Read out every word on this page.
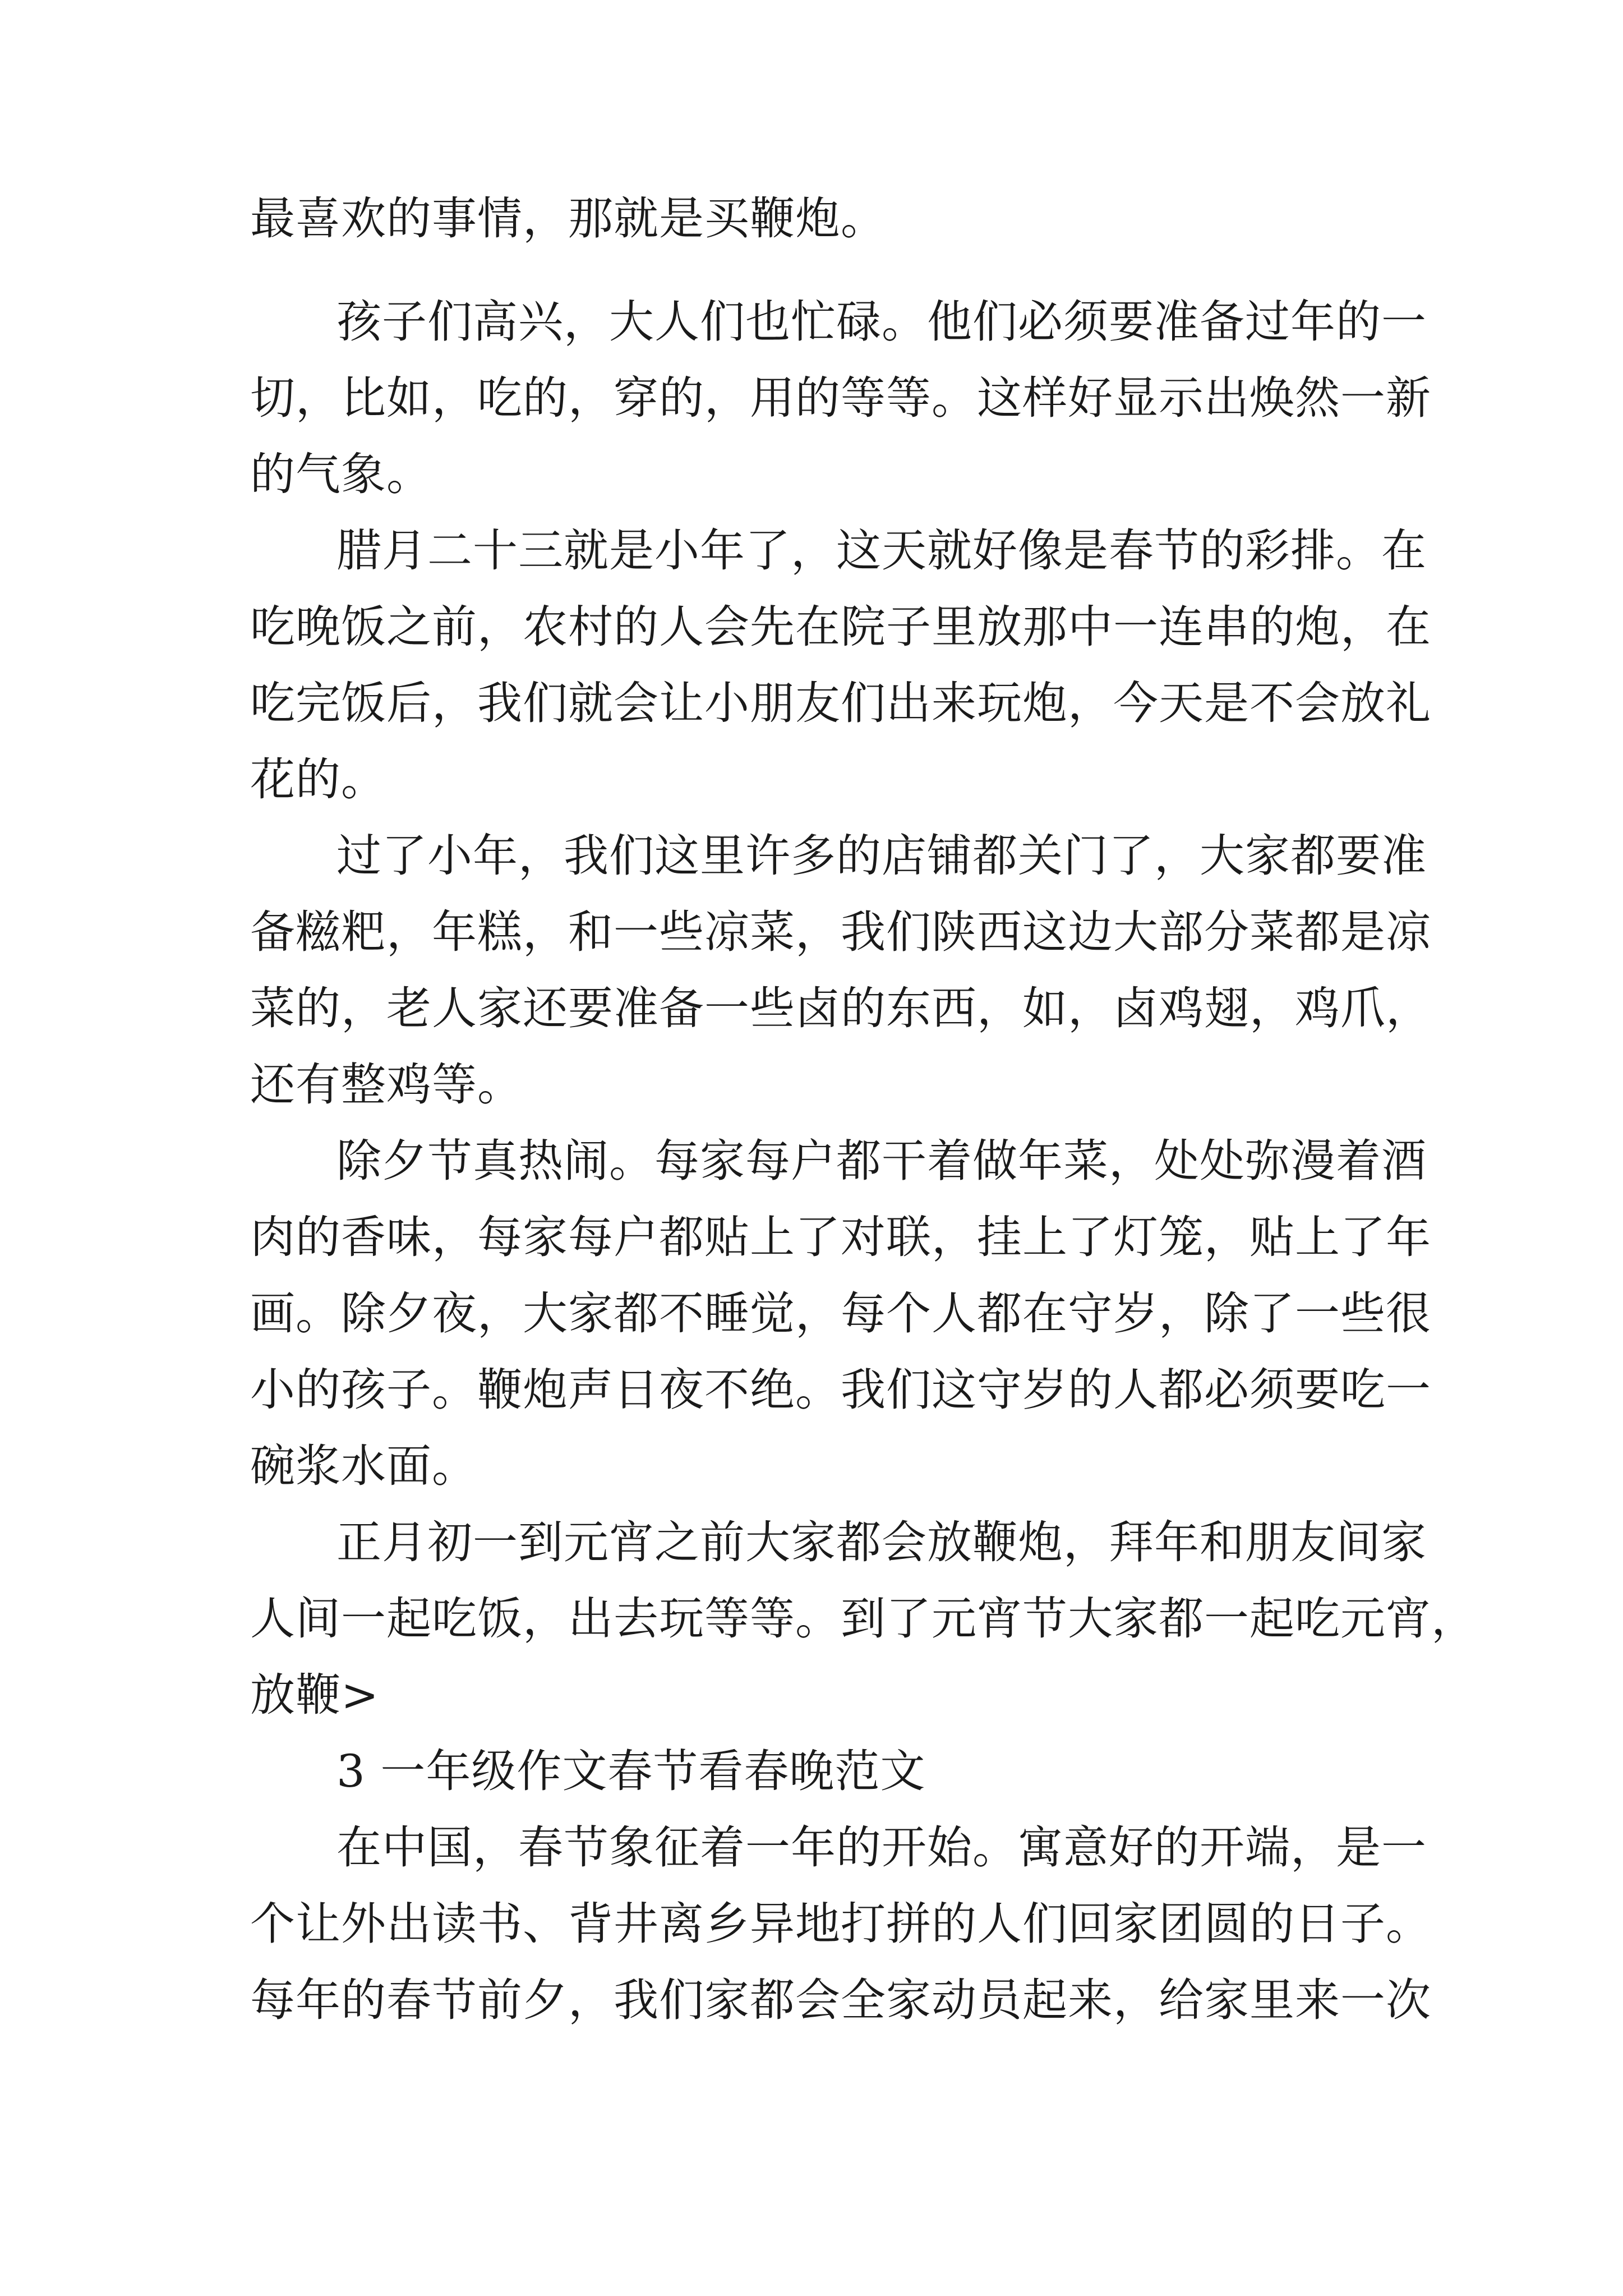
最喜欢的事情，那就是买鞭炮。

孩子们高兴，大人们也忙碌。他们必须要准备过年的一

切，比如，吃的，穿的，用的等等。这样好显示出焕然一新

的气象。

腊月二十三就是小年了，这天就好像是春节的彩排。在

吃晚饭之前，农村的人会先在院子里放那中一连串的炮，在

吃完饭后，我们就会让小朋友们出来玩炮，今天是不会放礼

花的。

过了小年，我们这里许多的店铺都关门了，大家都要准

备糍粑，年糕，和一些凉菜，我们陕西这边大部分菜都是凉

菜的，老人家还要准备一些卤的东西，如，卤鸡翅，鸡爪，

还有整鸡等。

除夕节真热闹。每家每户都干着做年菜，处处弥漫着酒

肉的香味，每家每户都贴上了对联，挂上了灯笼，贴上了年

画。除夕夜，大家都不睡觉，每个人都在守岁，除了一些很

小的孩子。鞭炮声日夜不绝。我们这守岁的人都必须要吃一

碗浆水面。

正月初一到元宵之前大家都会放鞭炮，拜年和朋友间家

人间一起吃饭，出去玩等等。到了元宵节大家都一起吃元宵，

放鞭>

3 一年级作文春节看春晚范文

在中国，春节象征着一年的开始。寓意好的开端，是一

个让外出读书、背井离乡异地打拼的人们回家团圆的日子。

每年的春节前夕，我们家都会全家动员起来，给家里来一次
